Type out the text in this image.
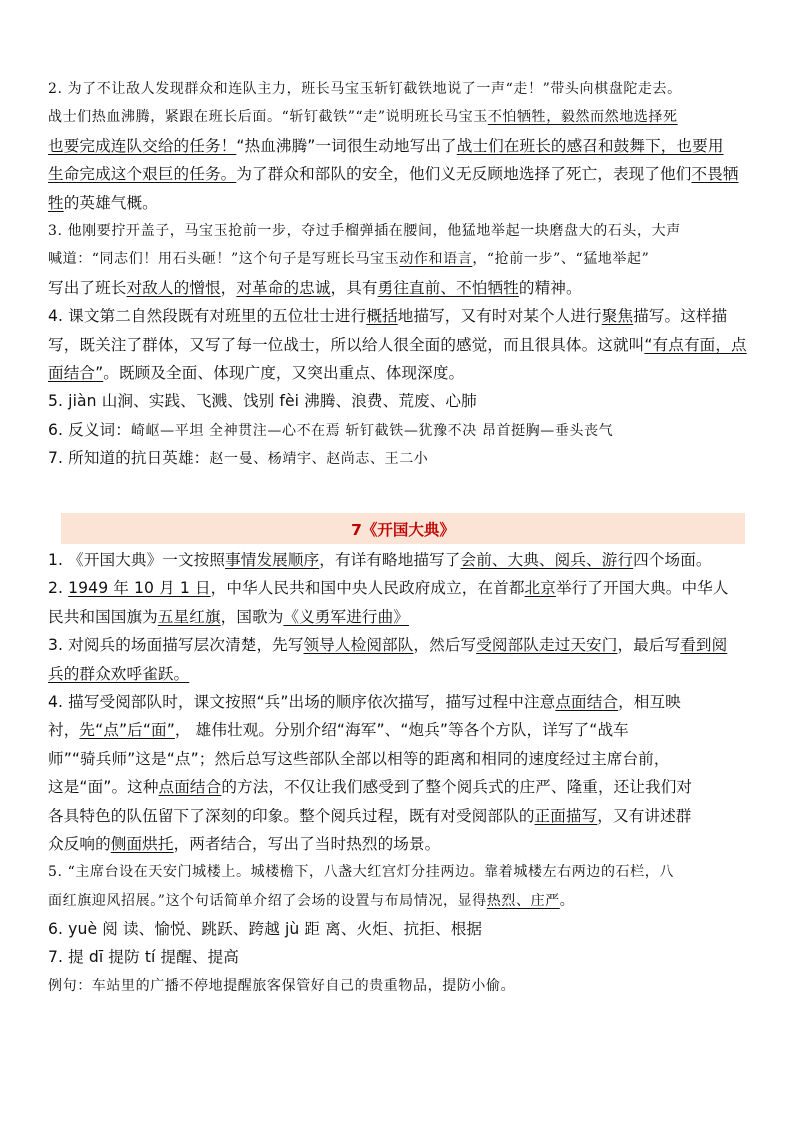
2. 为了不让敌人发现群众和连队主力，班长马宝玉斩钉截铁地说了一声“走！”带头向棋盘陀走去。
战士们热血沸腾，紧跟在班长后面。“斩钉截铁”“走”说明班长马宝玉不怕牺牲，毅然而然地选择死
也要完成连队交给的任务！“热血沸腾”一词很生动地写出了战士们在班长的感召和鼓舞下，也要用
生命完成这个艰巨的任务。为了群众和部队的安全，他们义无反顾地选择了死亡，表现了他们不畏牺
牲的英雄气概。
3. 他刚要拧开盖子，马宝玉抢前一步，夺过手榴弹插在腰间，他猛地举起一块磨盘大的石头，大声
喊道：“同志们！用石头砸！”这个句子是写班长马宝玉动作和语言，“抢前一步”、“猛地举起”
写出了班长对敌人的憎恨，对革命的忠诚，具有勇往直前、不怕牺牲的精神。
4. 课文第二自然段既有对班里的五位壮士进行概括地描写，又有时对某个人进行聚焦描写。这样描
写，既关注了群体，又写了每一位战士，所以给人很全面的感觉，而且很具体。这就叫“有点有面，点
面结合”。既顾及全面、体现广度，又突出重点、体现深度。
5. jiàn 山涧、实践、飞溅、饯别 fèi 沸腾、浪费、荒废、心肺
6. 反义词：崎岖—平坦 全神贯注—心不在焉 斩钉截铁—犹豫不决 昂首挺胸—垂头丧气
7. 所知道的抗日英雄：赵一曼、杨靖宇、赵尚志、王二小
7《开国大典》
1. 《开国大典》一文按照事情发展顺序，有详有略地描写了会前、大典、阅兵、游行四个场面。
2. 1949 年 10 月 1 日，中华人民共和国中央人民政府成立，在首都北京举行了开国大典。中华人
民共和国国旗为五星红旗，国歌为《义勇军进行曲》
3. 对阅兵的场面描写层次清楚，先写领导人检阅部队，然后写受阅部队走过天安门，最后写看到阅
兵的群众欢呼雀跃。
4. 描写受阅部队时，课文按照“兵”出场的顺序依次描写，描写过程中注意点面结合，相互映
衬，先“点”后“面”， 雄伟壮观。分别介绍“海军”、“炮兵”等各个方队，详写了“战车
师”“骑兵师”这是“点”；然后总写这些部队全部以相等的距离和相同的速度经过主席台前，
这是“面”。这种点面结合的方法，不仅让我们感受到了整个阅兵式的庄严、隆重，还让我们对
各具特色的队伍留下了深刻的印象。整个阅兵过程，既有对受阅部队的正面描写，又有讲述群
众反响的侧面烘托，两者结合，写出了当时热烈的场景。
5. “主席台设在天安门城楼上。城楼檐下，八盏大红宫灯分挂两边。靠着城楼左右两边的石栏，八
面红旗迎风招展。”这个句话简单介绍了会场的设置与布局情况，显得热烈、庄严。
6. yuè 阅 读、愉悦、跳跃、跨越 jù 距 离、火炬、抗拒、根据
7. 提 dī 提防 tí 提醒、提高
例句：车站里的广播不停地提醒旅客保管好自己的贵重物品，提防小偷。
